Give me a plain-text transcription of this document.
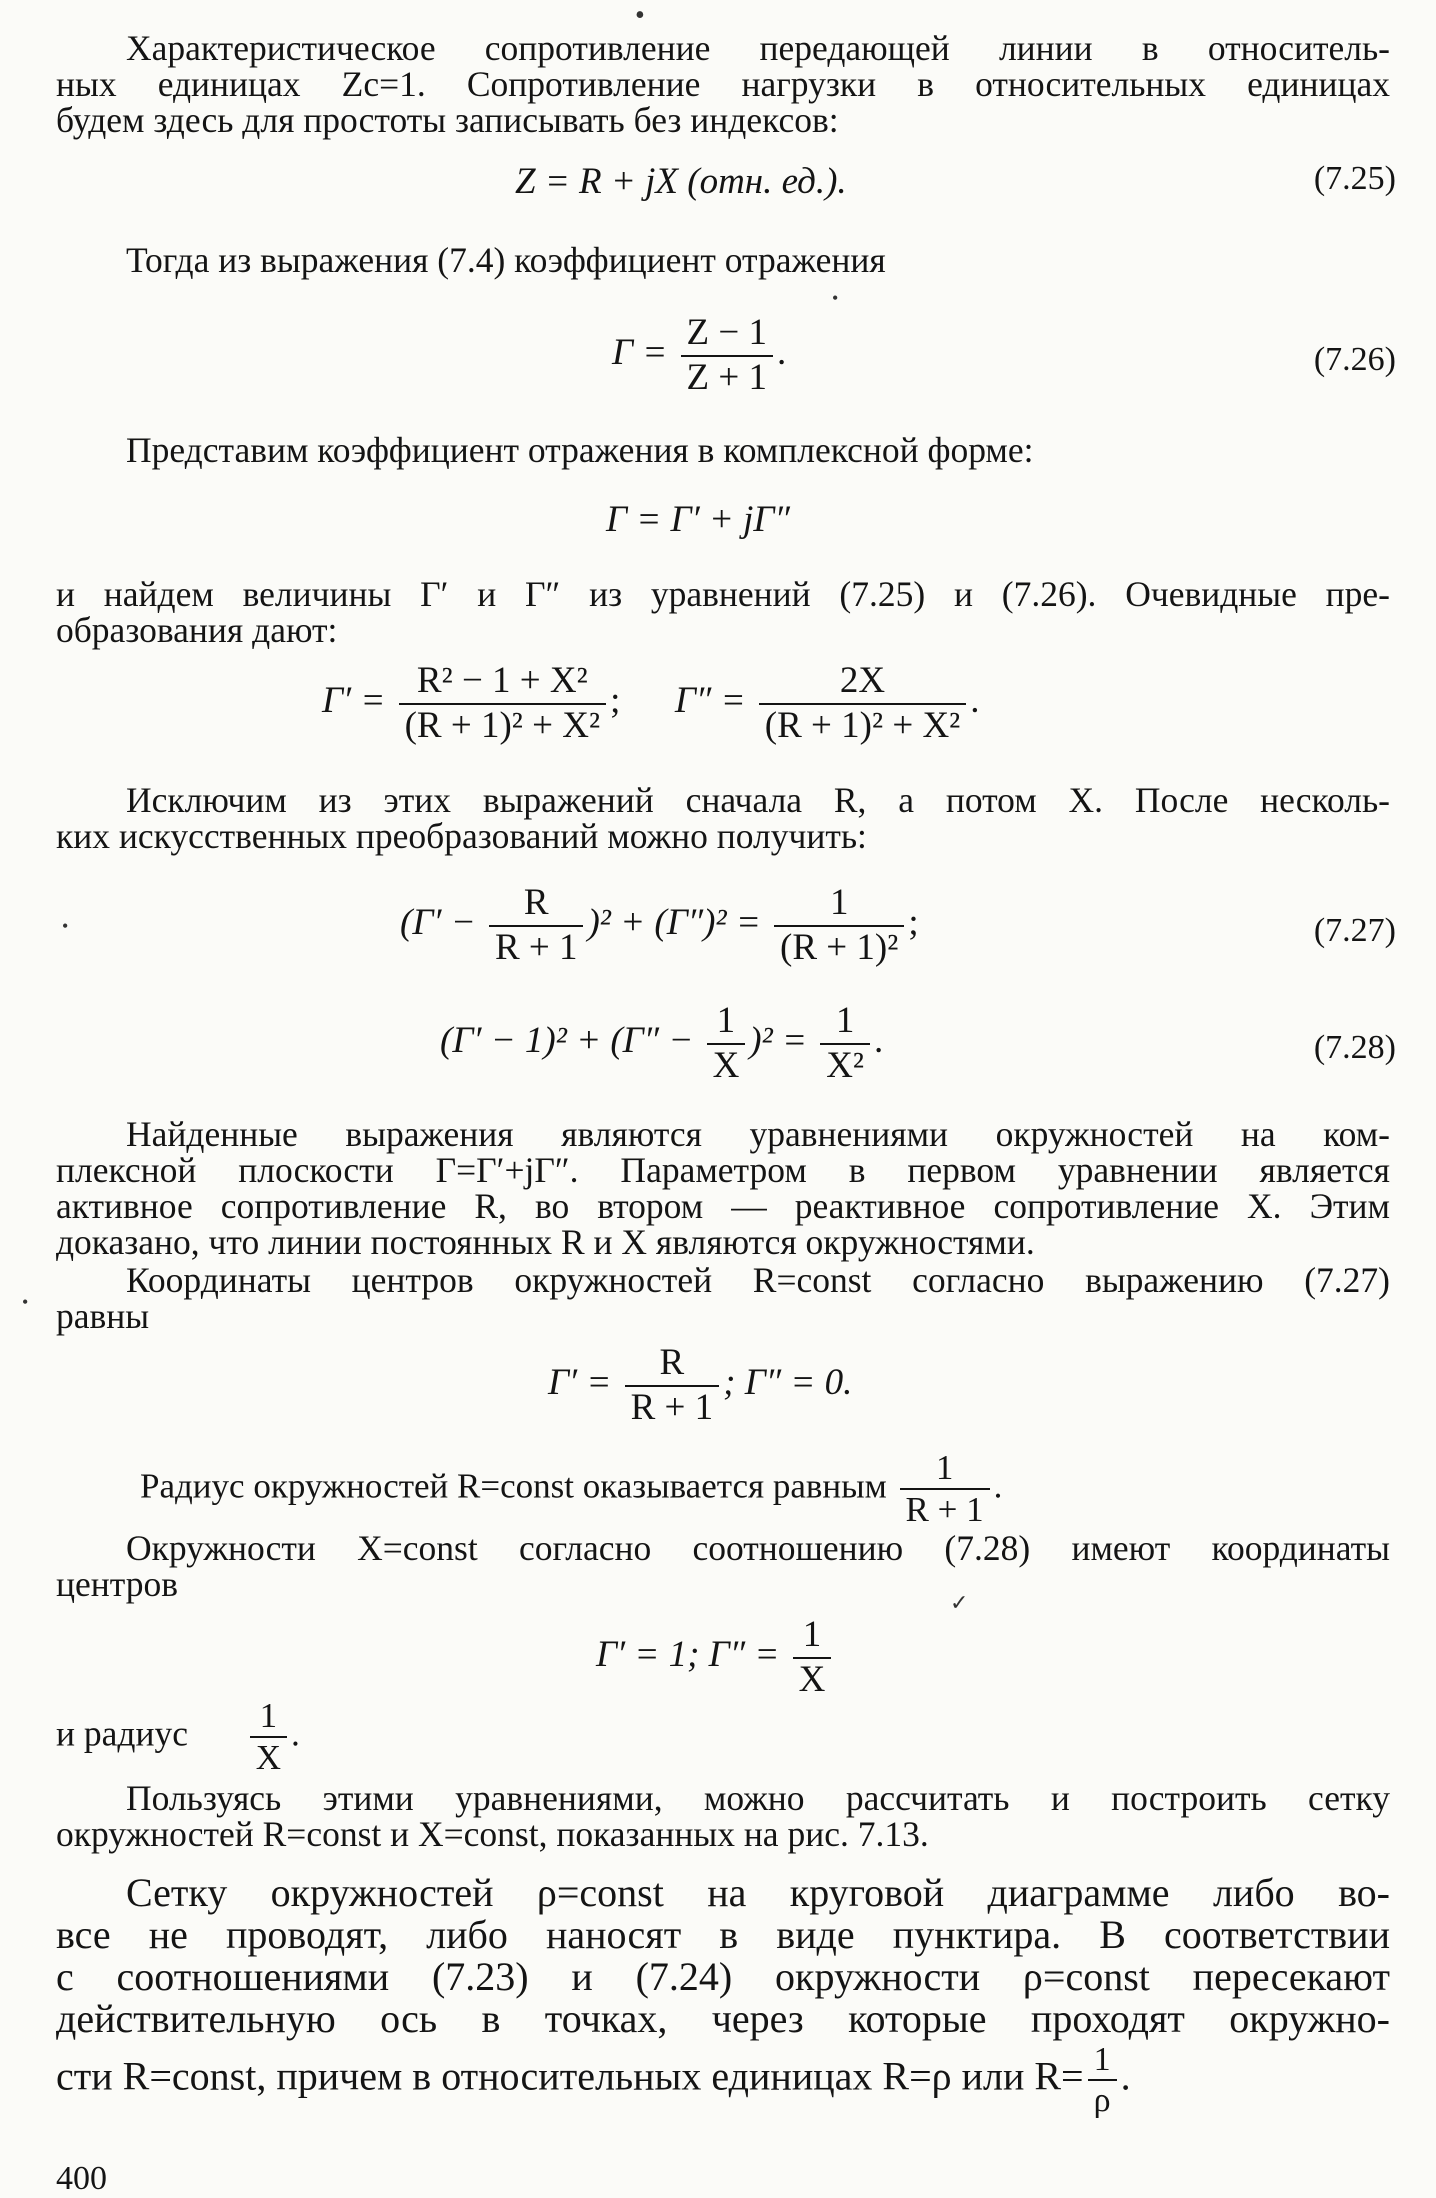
Характеристическое сопротивление передающей линии в относитель-
ных единицах Zc=1. Сопротивление нагрузки в относительных единицах
будем здесь для простоты записывать без индексов:
Z = R + jX (отн. ед.).	(7.25)
Тогда из выражения (7.4) коэффициент отражения
$Г = \frac{Z - 1}{Z + 1}$ .	(7.26)
Представим коэффициент отражения в комплексной форме:
Г = Г′ + jГ″
и найдем величины Г′ и Г″ из уравнений (7.25) и (7.26). Очевидные пре-
образования дают:
$Г' = \frac{\text{R² − 1 + X²}}{\text{(R + 1)² + X²}}$ ; $Г'' = \frac{2X}{\text{(R + 1)² + X²}}$ .
Исключим из этих выражений сначала R, а потом X. После несколь-
ких искусственных преобразований можно получить:
$(Г' - \frac{R}{R + 1} )^2 + (Г'')^2 = \frac{1}{\text{(R + 1)²}}$ ;	(7.27)
$(Г' - 1)^2 + (Г'' - \frac{1}{X} )^2 = \frac{1}{\text{X²}}$ .	(7.28)
Найденные выражения являются уравнениями окружностей на ком-
плексной плоскости Г=Г′+jГ″. Параметром в первом уравнении является
активное сопротивление R, во втором — реактивное сопротивление X. Этим
доказано, что линии постоянных R и X являются окружностями.
Координаты центров окружностей R=const согласно выражению (7.27)
равны
$Г' = \frac{R}{R + 1}$ ; Г″ = 0.
Радиус окружностей R=const оказывается равным $\frac{1}{R + 1}$ .
Окружности X=const согласно соотношению (7.28) имеют координаты
центров
Г′ = 1; $Г'' = \frac{1}{X}$
и радиус $\frac{1}{X}$ .
Пользуясь этими уравнениями, можно рассчитать и построить сетку
окружностей R=const и X=const, показанных на рис. 7.13.
Сетку окружностей ρ=const на круговой диаграмме либо во-
все не проводят, либо наносят в виде пунктира. В соответствии
с соотношениями (7.23) и (7.24) окружности ρ=const пересекают
действительную ось в точках, через которые проходят окружно-
сти R=const, причем в относительных единицах R=ρ или $R= \frac{1}{\rho}$ .
400
•
•
•
•
✓
